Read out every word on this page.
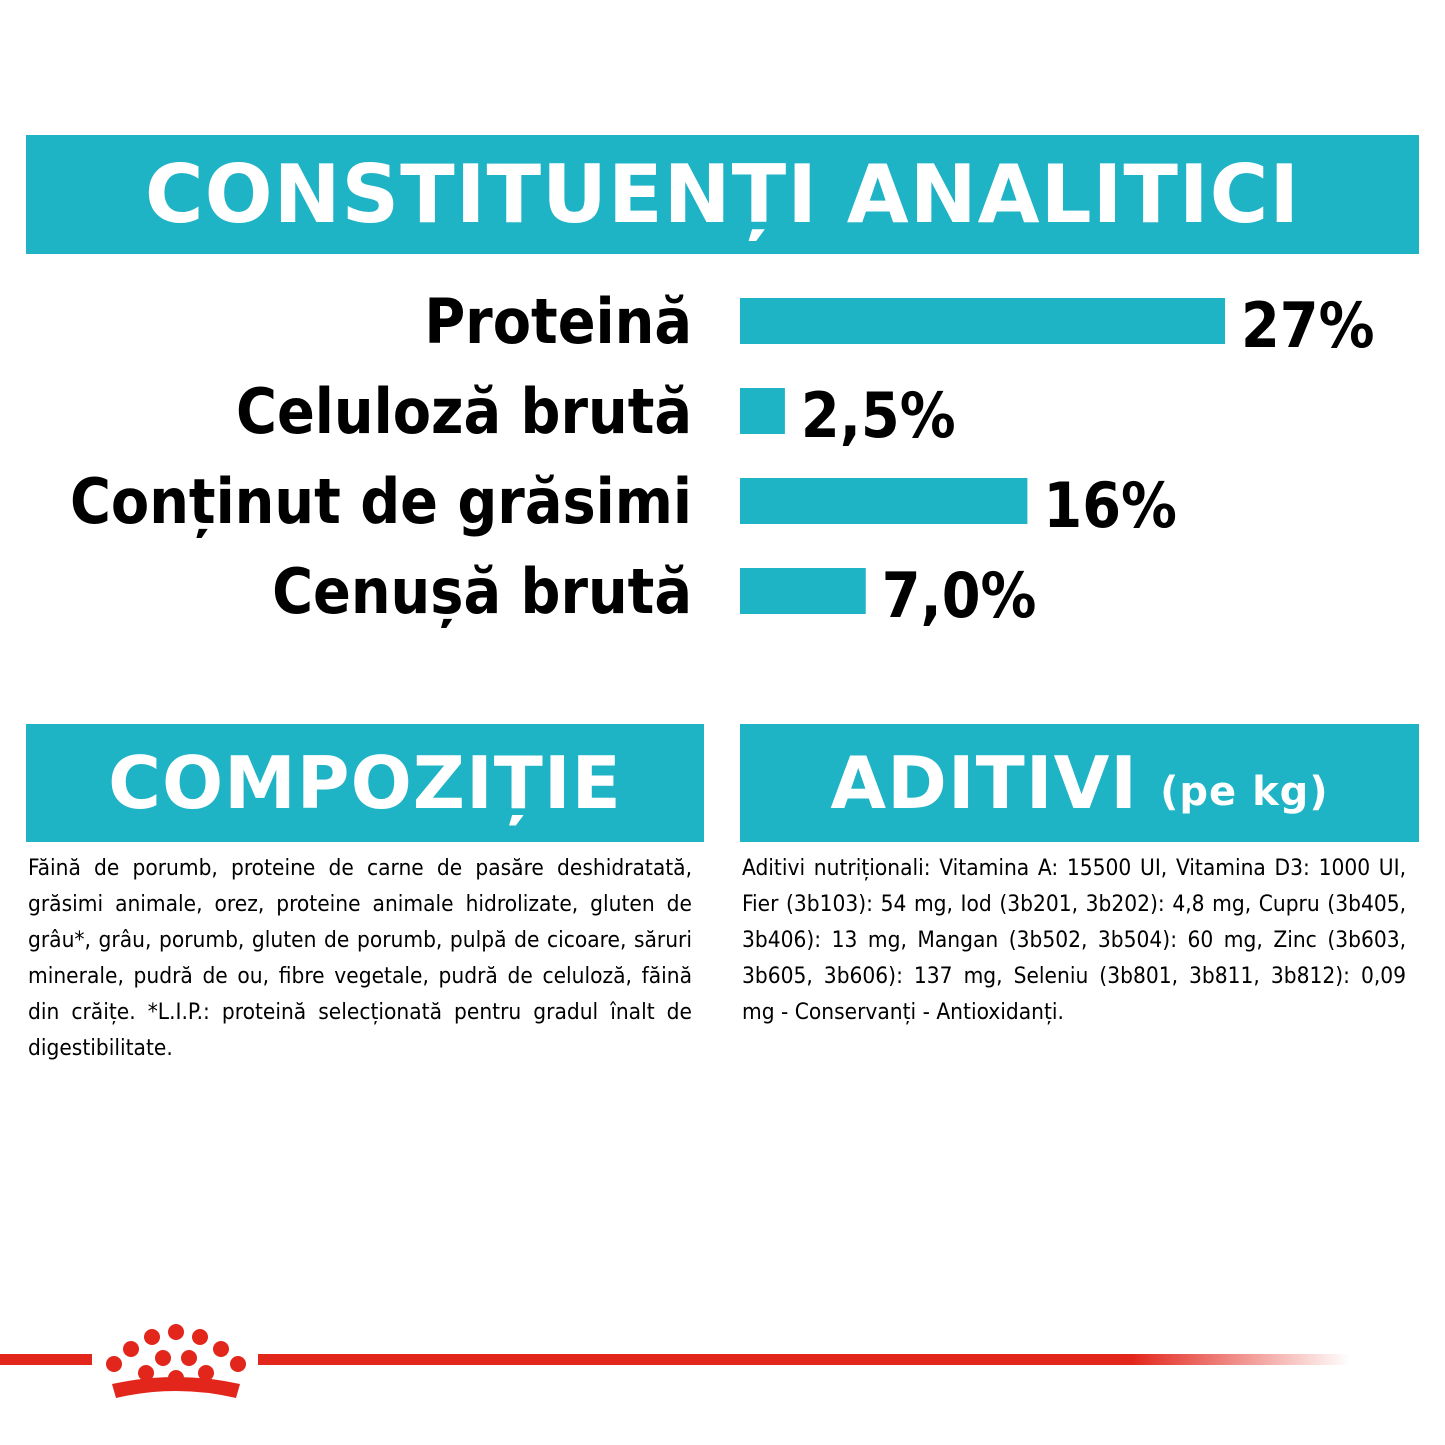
CONSTITUENȚI ANALITICI
Proteină	27%
Celuloză brută 2,5%
Conținut de grăsimi	16%
Cenușă brută	7,0%
COMPOZIȚIE	ADITIVI (pe kg)

Făină de porumb, proteine de carne de pasăre deshidratată, grăsimi animale, orez, proteine animale hidrolizate, gluten de grâu*, grâu, porumb, gluten de porumb, pulpă de cicoare, săruri minerale, pudră de ou, fibre vegetale, pudră de celuloză, făină din crăițe. *L.I.P.: proteină selecționată pentru gradul înalt de digestibilitate.

Aditivi nutriționali: Vitamina A: 15500 UI, Vitamina D3: 1000 UI, Fier (3b103): 54 mg, Iod (3b201, 3b202): 4,8 mg, Cupru (3b405, 3b406): 13 mg, Mangan (3b502, 3b504): 60 mg, Zinc (3b603, 3b605, 3b606): 137 mg, Seleniu (3b801, 3b811, 3b812): 0,09 mg - Conservanți - Antioxidanți.
